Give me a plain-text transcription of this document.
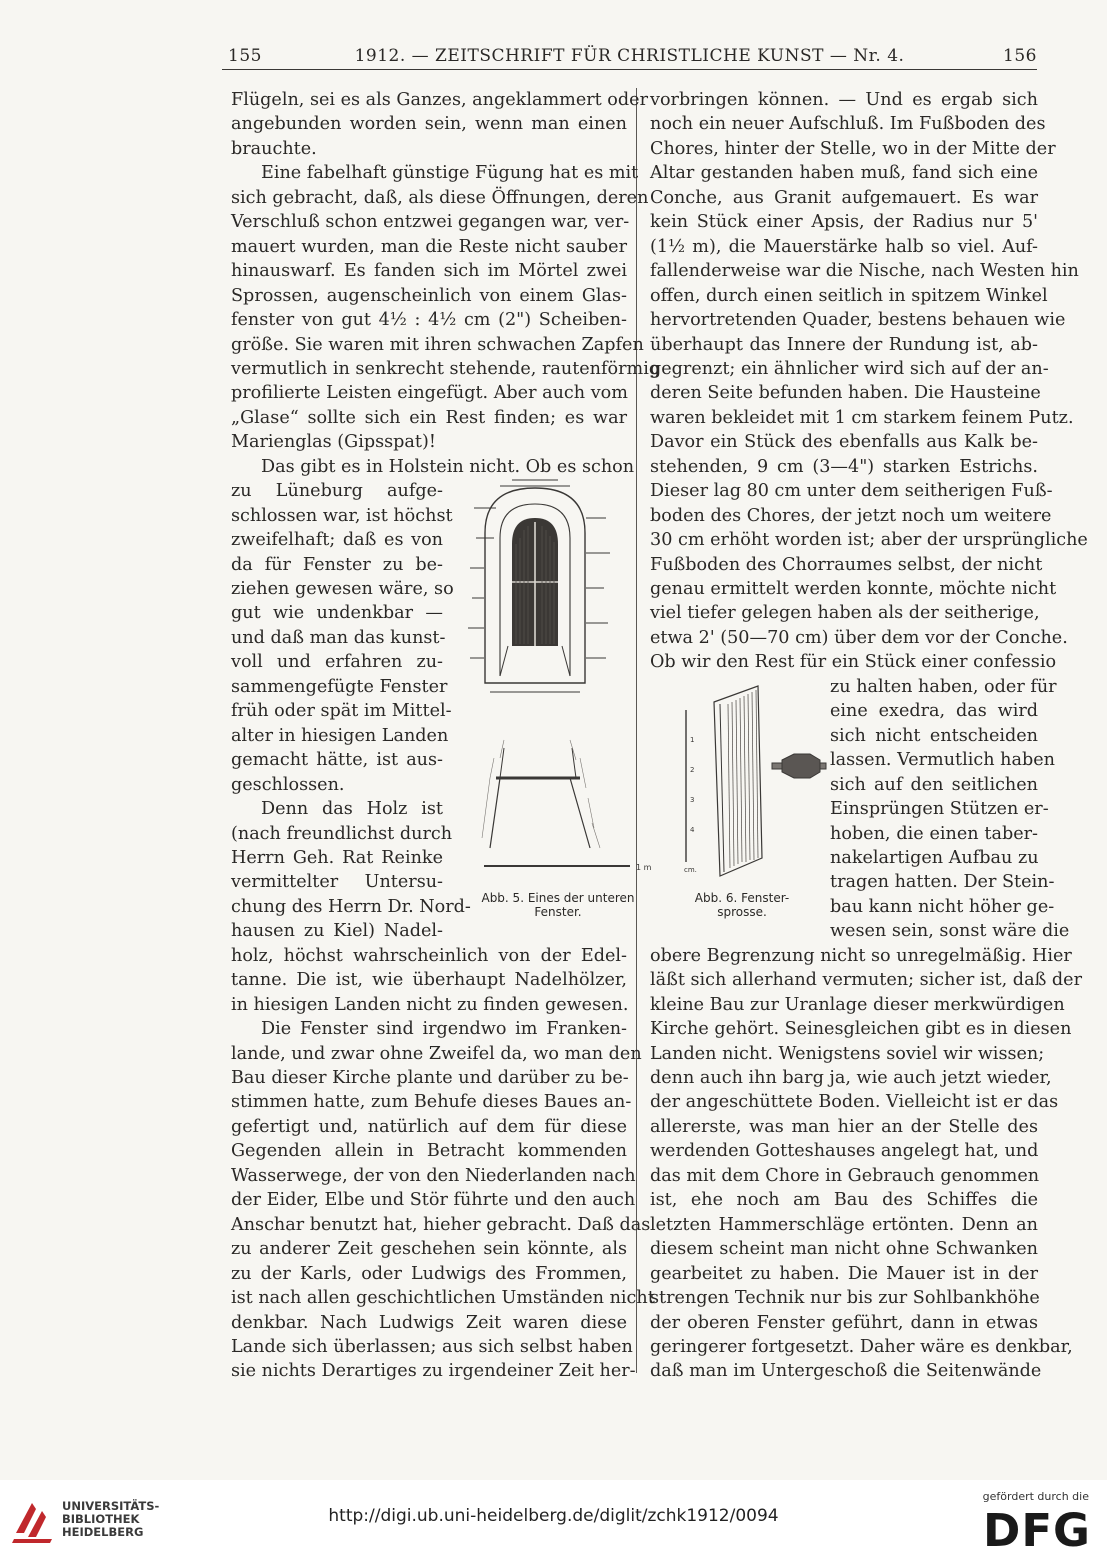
155	1912. — ZEITSCHRIFT FÜR CHRISTLICHE KUNST — Nr. 4.	156
Flügeln, sei es als Ganzes, angeklammert oder
angebunden worden sein, wenn man einen
brauchte.
Eine fabelhaft günstige Fügung hat es mit
sich gebracht, daß, als diese Öffnungen, deren
Verschluß schon entzwei gegangen war, ver-
mauert wurden, man die Reste nicht sauber
hinauswarf. Es fanden sich im Mörtel zwei
Sprossen, augenscheinlich von einem Glas-
fenster von gut 4½ : 4½ cm (2") Scheiben-
größe. Sie waren mit ihren schwachen Zapfen
vermutlich in senkrecht stehende, rautenförmig
profilierte Leisten eingefügt. Aber auch vom
„Glase“ sollte sich ein Rest finden; es war
Marienglas (Gipsspat)!
Das gibt es in Holstein nicht. Ob es schon
zu Lüneburg aufge-
schlossen war, ist höchst
zweifelhaft; daß es von
da für Fenster zu be-
ziehen gewesen wäre, so
gut wie undenkbar —
und daß man das kunst-
voll und erfahren zu-
sammengefügte Fenster
früh oder spät im Mittel-
alter in hiesigen Landen
gemacht hätte, ist aus-
geschlossen.
Denn das Holz ist
(nach freundlichst durch
Herrn Geh. Rat Reinke
vermittelter Untersu-
chung des Herrn Dr. Nord-
hausen zu Kiel) Nadel-
holz, höchst wahrscheinlich von der Edel-
tanne. Die ist, wie überhaupt Nadelhölzer,
in hiesigen Landen nicht zu finden gewesen.
Die Fenster sind irgendwo im Franken-
lande, und zwar ohne Zweifel da, wo man den
Bau dieser Kirche plante und darüber zu be-
stimmen hatte, zum Behufe dieses Baues an-
gefertigt und, natürlich auf dem für diese
Gegenden allein in Betracht kommenden
Wasserwege, der von den Niederlanden nach
der Eider, Elbe und Stör führte und den auch
Anschar benutzt hat, hieher gebracht. Daß das
zu anderer Zeit geschehen sein könnte, als
zu der Karls, oder Ludwigs des Frommen,
ist nach allen geschichtlichen Umständen nicht
denkbar. Nach Ludwigs Zeit waren diese
Lande sich überlassen; aus sich selbst haben
sie nichts Derartiges zu irgendeiner Zeit her-
vorbringen können. — Und es ergab sich
noch ein neuer Aufschluß. Im Fußboden des
Chores, hinter der Stelle, wo in der Mitte der
Altar gestanden haben muß, fand sich eine
Conche, aus Granit aufgemauert. Es war
kein Stück einer Apsis, der Radius nur 5'
(1½ m), die Mauerstärke halb so viel. Auf-
fallenderweise war die Nische, nach Westen hin
offen, durch einen seitlich in spitzem Winkel
hervortretenden Quader, bestens behauen wie
überhaupt das Innere der Rundung ist, ab-
gegrenzt; ein ähnlicher wird sich auf der an-
deren Seite befunden haben. Die Hausteine
waren bekleidet mit 1 cm starkem feinem Putz.
Davor ein Stück des ebenfalls aus Kalk be-
stehenden, 9 cm (3—4") starken Estrichs.
Dieser lag 80 cm unter dem seitherigen Fuß-
boden des Chores, der jetzt noch um weitere
30 cm erhöht worden ist; aber der ursprüngliche
Fußboden des Chorraumes selbst, der nicht
genau ermittelt werden konnte, möchte nicht
viel tiefer gelegen haben als der seitherige,
etwa 2' (50—70 cm) über dem vor der Conche.
Ob wir den Rest für ein Stück einer confessio
zu halten haben, oder für
eine exedra, das wird
sich nicht entscheiden
lassen. Vermutlich haben
sich auf den seitlichen
Einsprüngen Stützen er-
hoben, die einen taber-
nakelartigen Aufbau zu
tragen hatten. Der Stein-
bau kann nicht höher ge-
wesen sein, sonst wäre die
obere Begrenzung nicht so unregelmäßig. Hier
läßt sich allerhand vermuten; sicher ist, daß der
kleine Bau zur Uranlage dieser merkwürdigen
Kirche gehört. Seinesgleichen gibt es in diesen
Landen nicht. Wenigstens soviel wir wissen;
denn auch ihn barg ja, wie auch jetzt wieder,
der angeschüttete Boden. Vielleicht ist er das
allererste, was man hier an der Stelle des
werdenden Gotteshauses angelegt hat, und
das mit dem Chore in Gebrauch genommen
ist, ehe noch am Bau des Schiffes die
letzten Hammerschläge ertönten. Denn an
diesem scheint man nicht ohne Schwanken
gearbeitet zu haben. Die Mauer ist in der
strengen Technik nur bis zur Sohlbankhöhe
der oberen Fenster geführt, dann in etwas
geringerer fortgesetzt. Daher wäre es denkbar,
daß man im Untergeschoß die Seitenwände
1 m
1
2
3
4
cm.
Abb. 5. Eines der unteren
Fenster.
Abb. 6. Fenster-
sprosse.
UNIVERSITÄTS-
BIBLIOTHEK
HEIDELBERG
http://digi.ub.uni-heidelberg.de/diglit/zchk1912/0094
gefördert durch die
DFG
